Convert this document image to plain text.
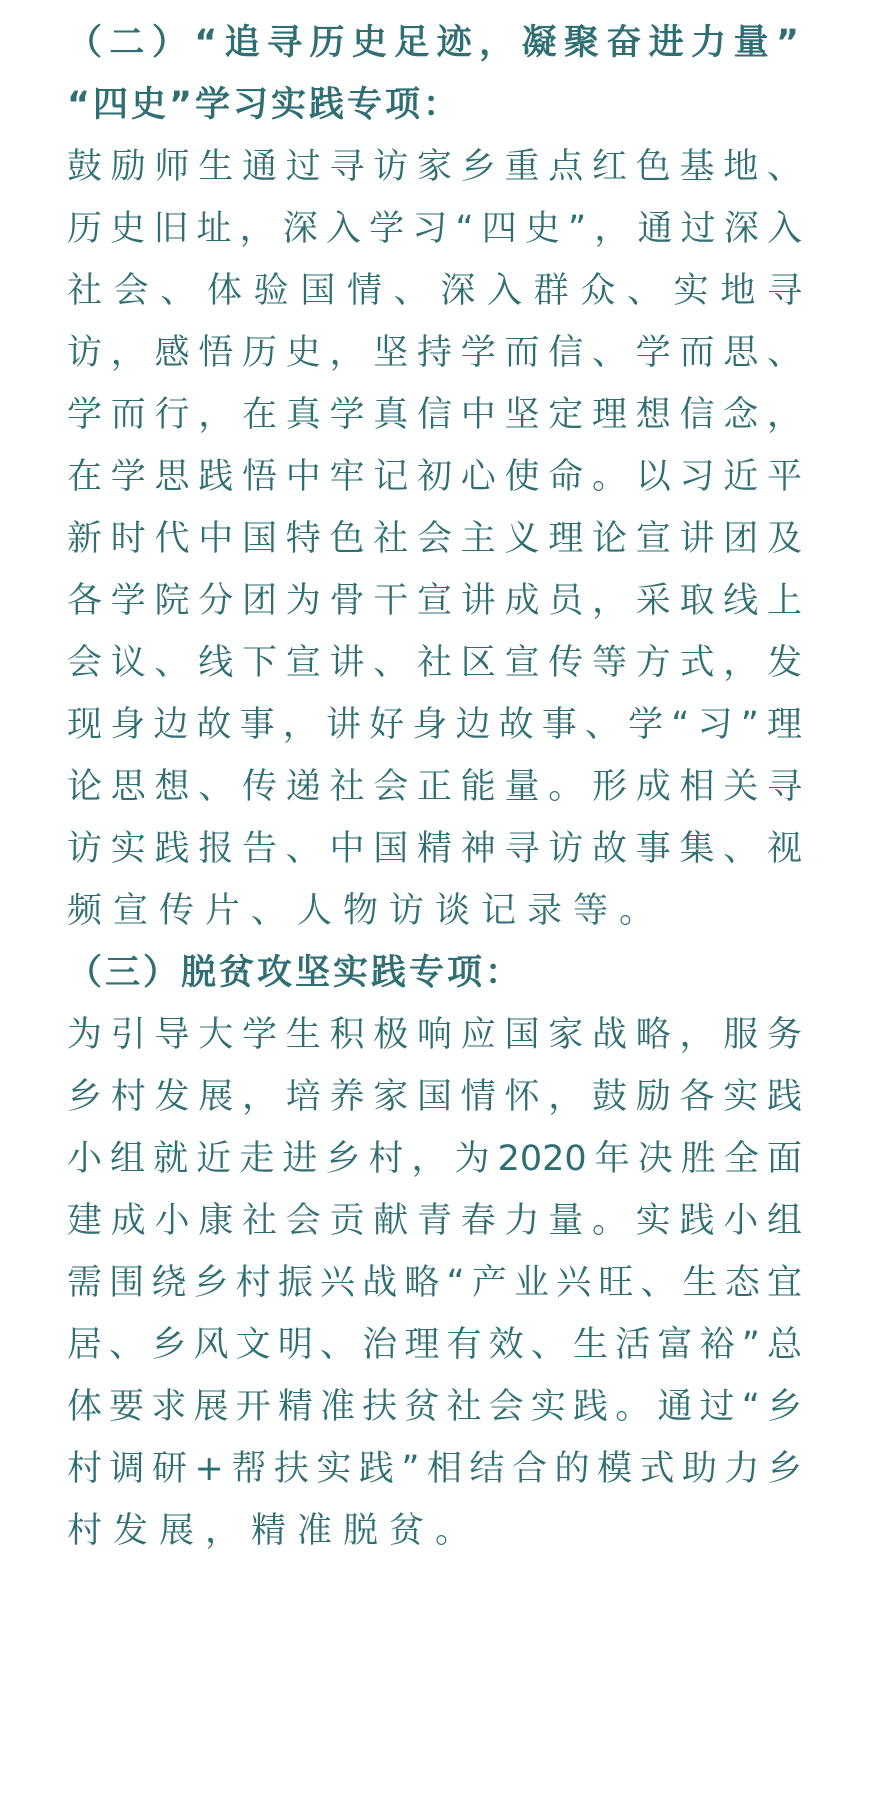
（二）“追寻历史足迹，凝聚奋进力量”
“四史”学习实践专项：
鼓励师生通过寻访家乡重点红色基地、
历史旧址，深入学习“四史”，通过深入
社会、体验国情、深入群众、实地寻
访，感悟历史，坚持学而信、学而思、
学而行，在真学真信中坚定理想信念，
在学思践悟中牢记初心使命。以习近平
新时代中国特色社会主义理论宣讲团及
各学院分团为骨干宣讲成员，采取线上
会议、线下宣讲、社区宣传等方式，发
现身边故事，讲好身边故事、学“习”理
论思想、传递社会正能量。形成相关寻
访实践报告、中国精神寻访故事集、视
频宣传片、人物访谈记录等。
（三）脱贫攻坚实践专项：
为引导大学生积极响应国家战略，服务
乡村发展，培养家国情怀，鼓励各实践
小组就近走进乡村，为2020年决胜全面
建成小康社会贡献青春力量。实践小组
需围绕乡村振兴战略“产业兴旺、生态宜
居、乡风文明、治理有效、生活富裕”总
体要求展开精准扶贫社会实践。通过“乡
村调研+帮扶实践”相结合的模式助力乡
村发展，精准脱贫。
